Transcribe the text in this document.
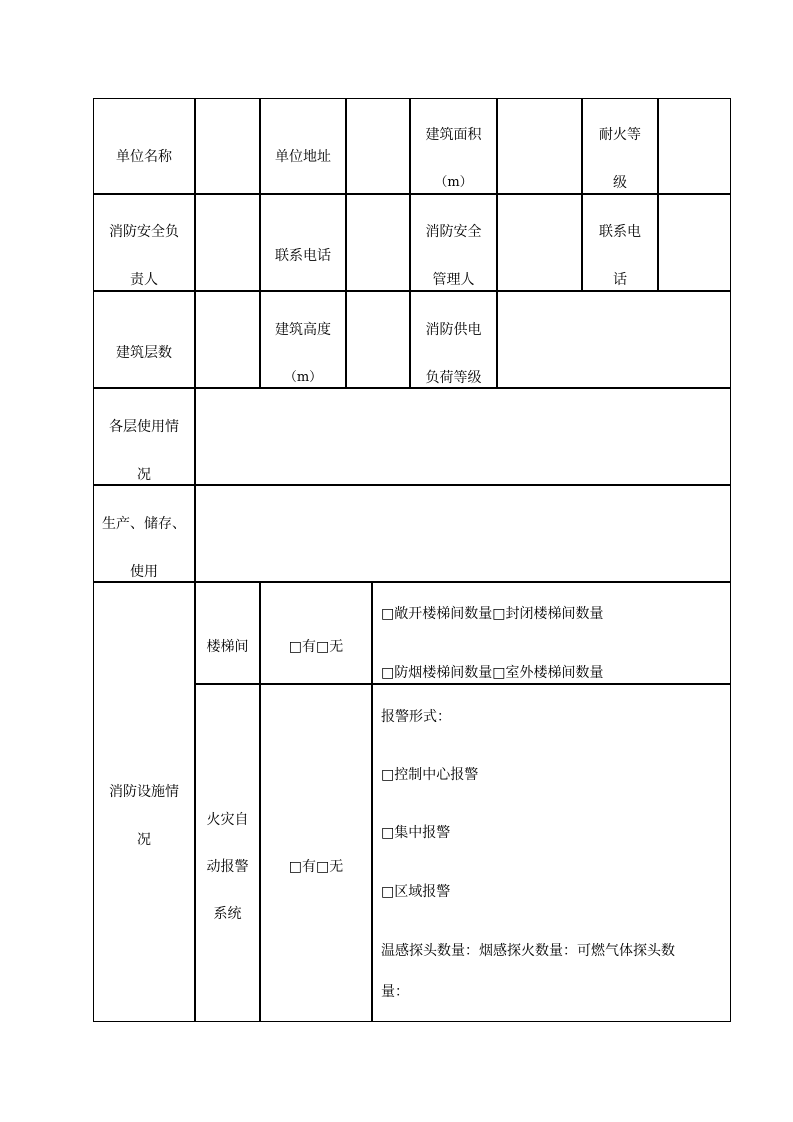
单位名称	单位地址
建筑面积
（m）
耐火等
级
消防安全负
责人
联系电话
消防安全
管理人
联系电
话
建筑层数
建筑高度
（m）
消防供电
负荷等级
各层使用情
况
生产、储存、
使用
消防设施情
况
楼梯间	□有□无
□敞开楼梯间数量□封闭楼梯间数量
□防烟楼梯间数量□室外楼梯间数量
火灾自
动报警
系统
□有□无
报警形式：
□控制中心报警
□集中报警
□区域报警
温感探头数量：烟感探火数量：可燃气体探头数
量：
